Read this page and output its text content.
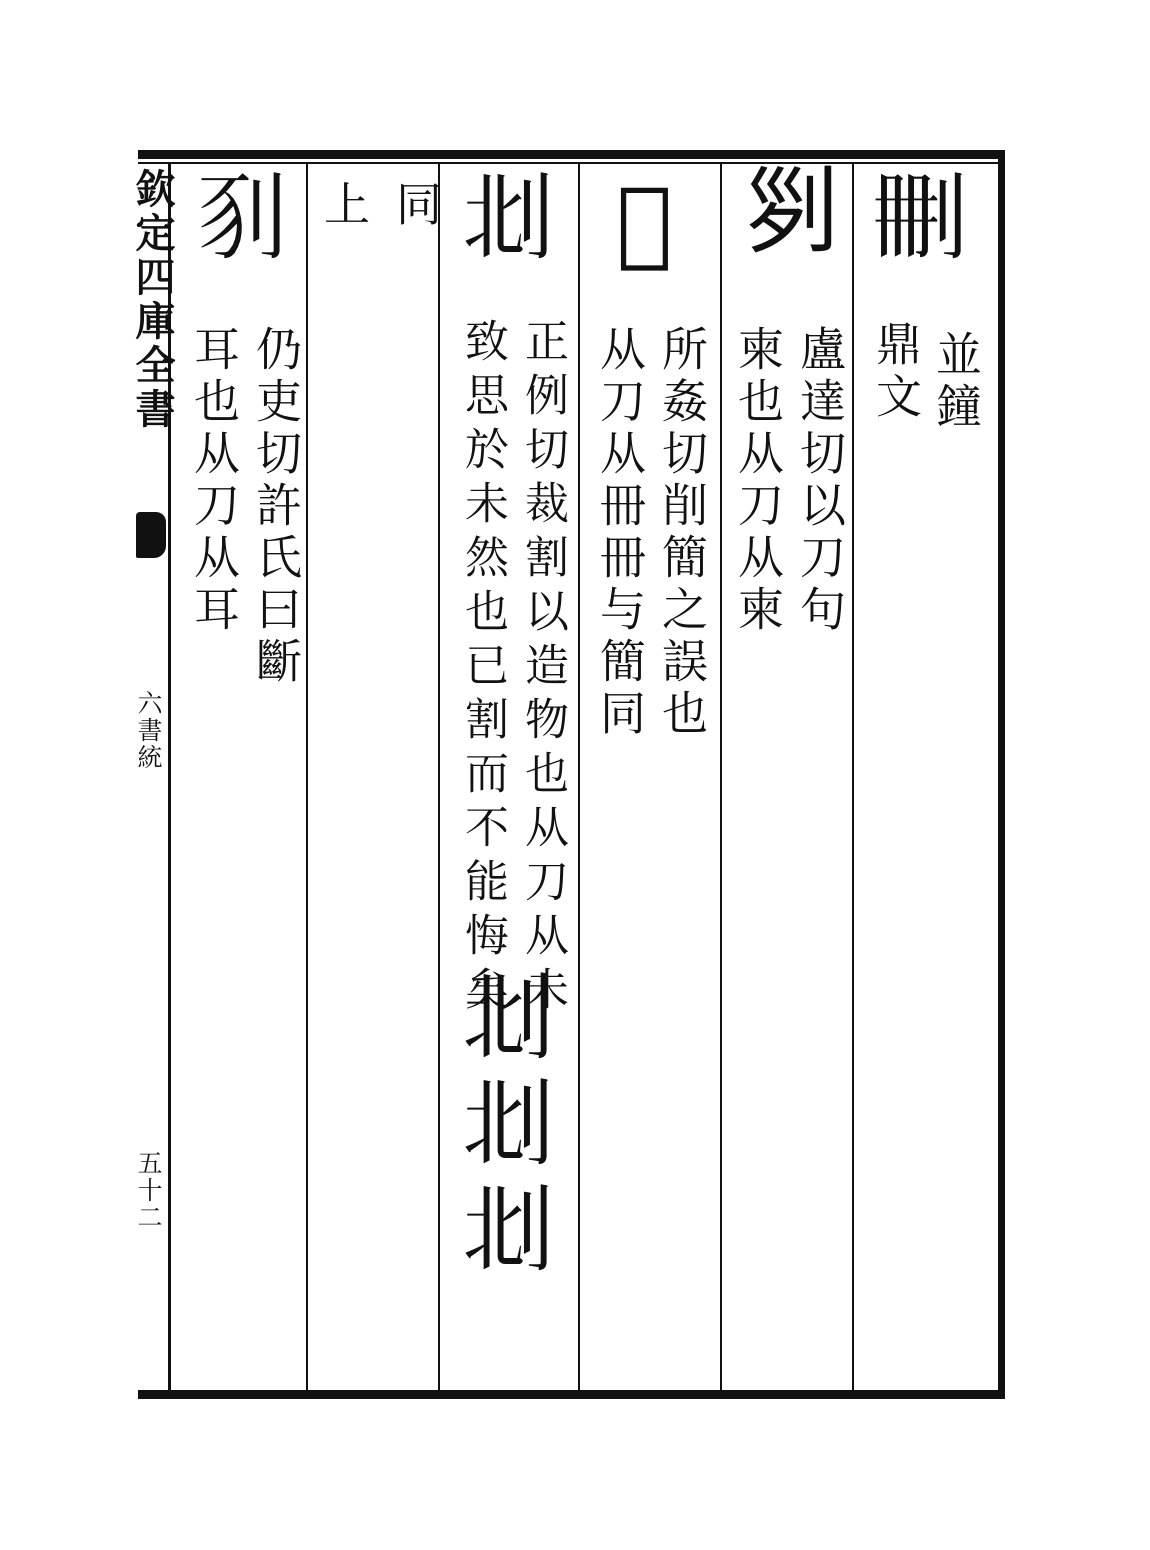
欽定四庫全書
六書統
五十二
𠛹
並鐘
鼎文
𠛱
盧達切以刀句
柬也从刀从柬
𠜂
所姦切削簡之誤也
从刀从冊冊与簡同
𠛙
正例切裁割以造物也从刀从未
致思於未然也已割而不能悔矣
𠛙𠛙𠛙
同
上
𠛖
仍吏切許氏曰斷
耳也从刀从耳
